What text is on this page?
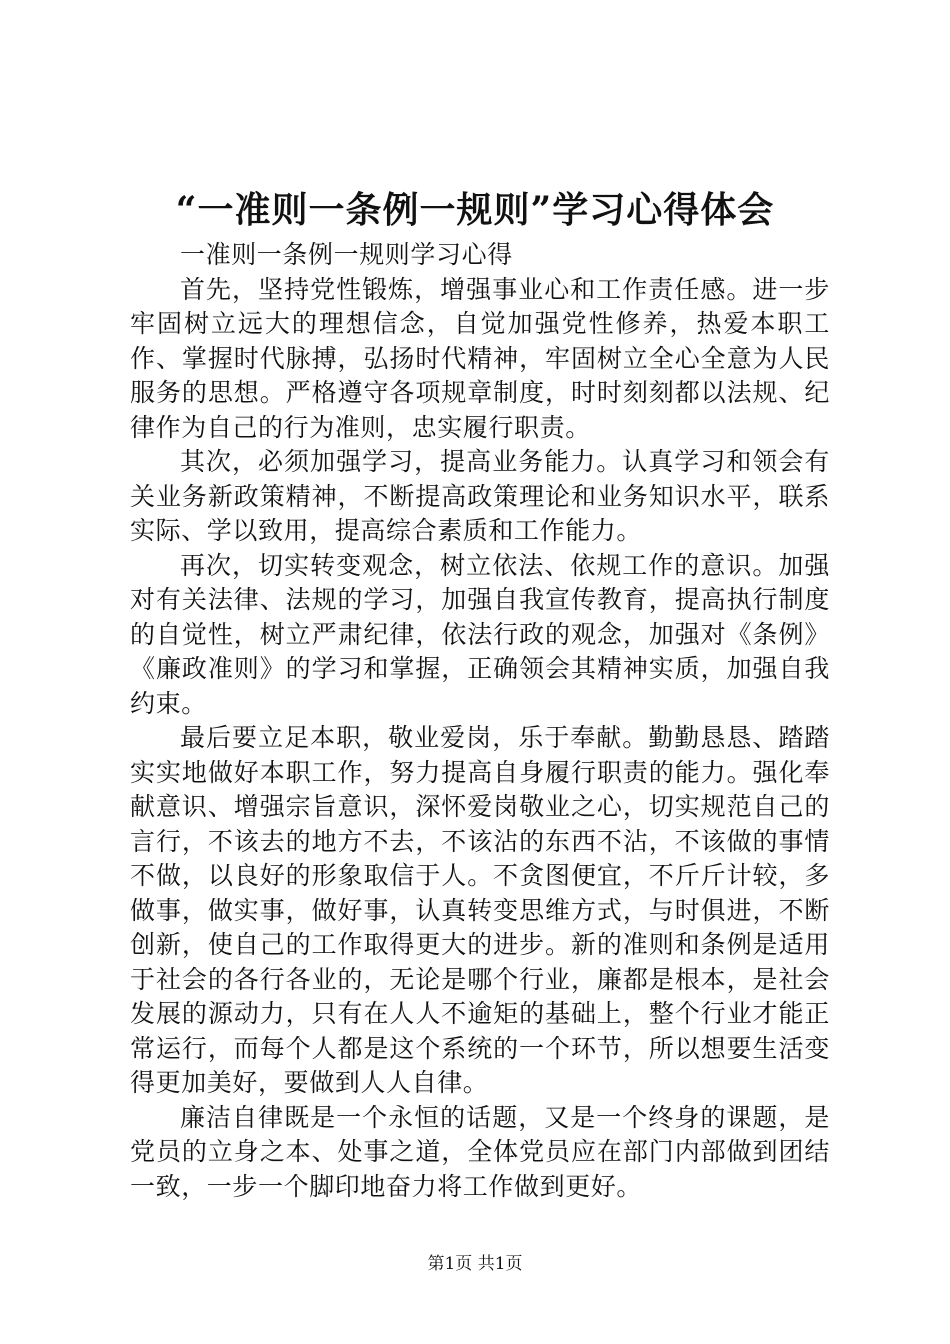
“一准则一条例一规则”学习心得体会

一准则一条例一规则学习心得

首先，坚持党性锻炼，增强事业心和工作责任感。进一步牢固树立远大的理想信念，自觉加强党性修养，热爱本职工作、掌握时代脉搏，弘扬时代精神，牢固树立全心全意为人民服务的思想。严格遵守各项规章制度，时时刻刻都以法规、纪律作为自己的行为准则，忠实履行职责。

其次，必须加强学习，提高业务能力。认真学习和领会有关业务新政策精神，不断提高政策理论和业务知识水平，联系实际、学以致用，提高综合素质和工作能力。

再次，切实转变观念，树立依法、依规工作的意识。加强对有关法律、法规的学习，加强自我宣传教育，提高执行制度的自觉性，树立严肃纪律，依法行政的观念，加强对《条例》《廉政准则》的学习和掌握，正确领会其精神实质，加强自我约束。

最后要立足本职，敬业爱岗，乐于奉献。勤勤恳恳、踏踏实实地做好本职工作，努力提高自身履行职责的能力。强化奉献意识、增强宗旨意识，深怀爱岗敬业之心，切实规范自己的言行，不该去的地方不去，不该沾的东西不沾，不该做的事情不做，以良好的形象取信于人。不贪图便宜，不斤斤计较，多做事，做实事，做好事，认真转变思维方式，与时俱进，不断创新，使自己的工作取得更大的进步。新的准则和条例是适用于社会的各行各业的，无论是哪个行业，廉都是根本，是社会发展的源动力，只有在人人不逾矩的基础上，整个行业才能正常运行，而每个人都是这个系统的一个环节，所以想要生活变得更加美好，要做到人人自律。

廉洁自律既是一个永恒的话题，又是一个终身的课题，是党员的立身之本、处事之道，全体党员应在部门内部做到团结一致，一步一个脚印地奋力将工作做到更好。

第1页 共1页
